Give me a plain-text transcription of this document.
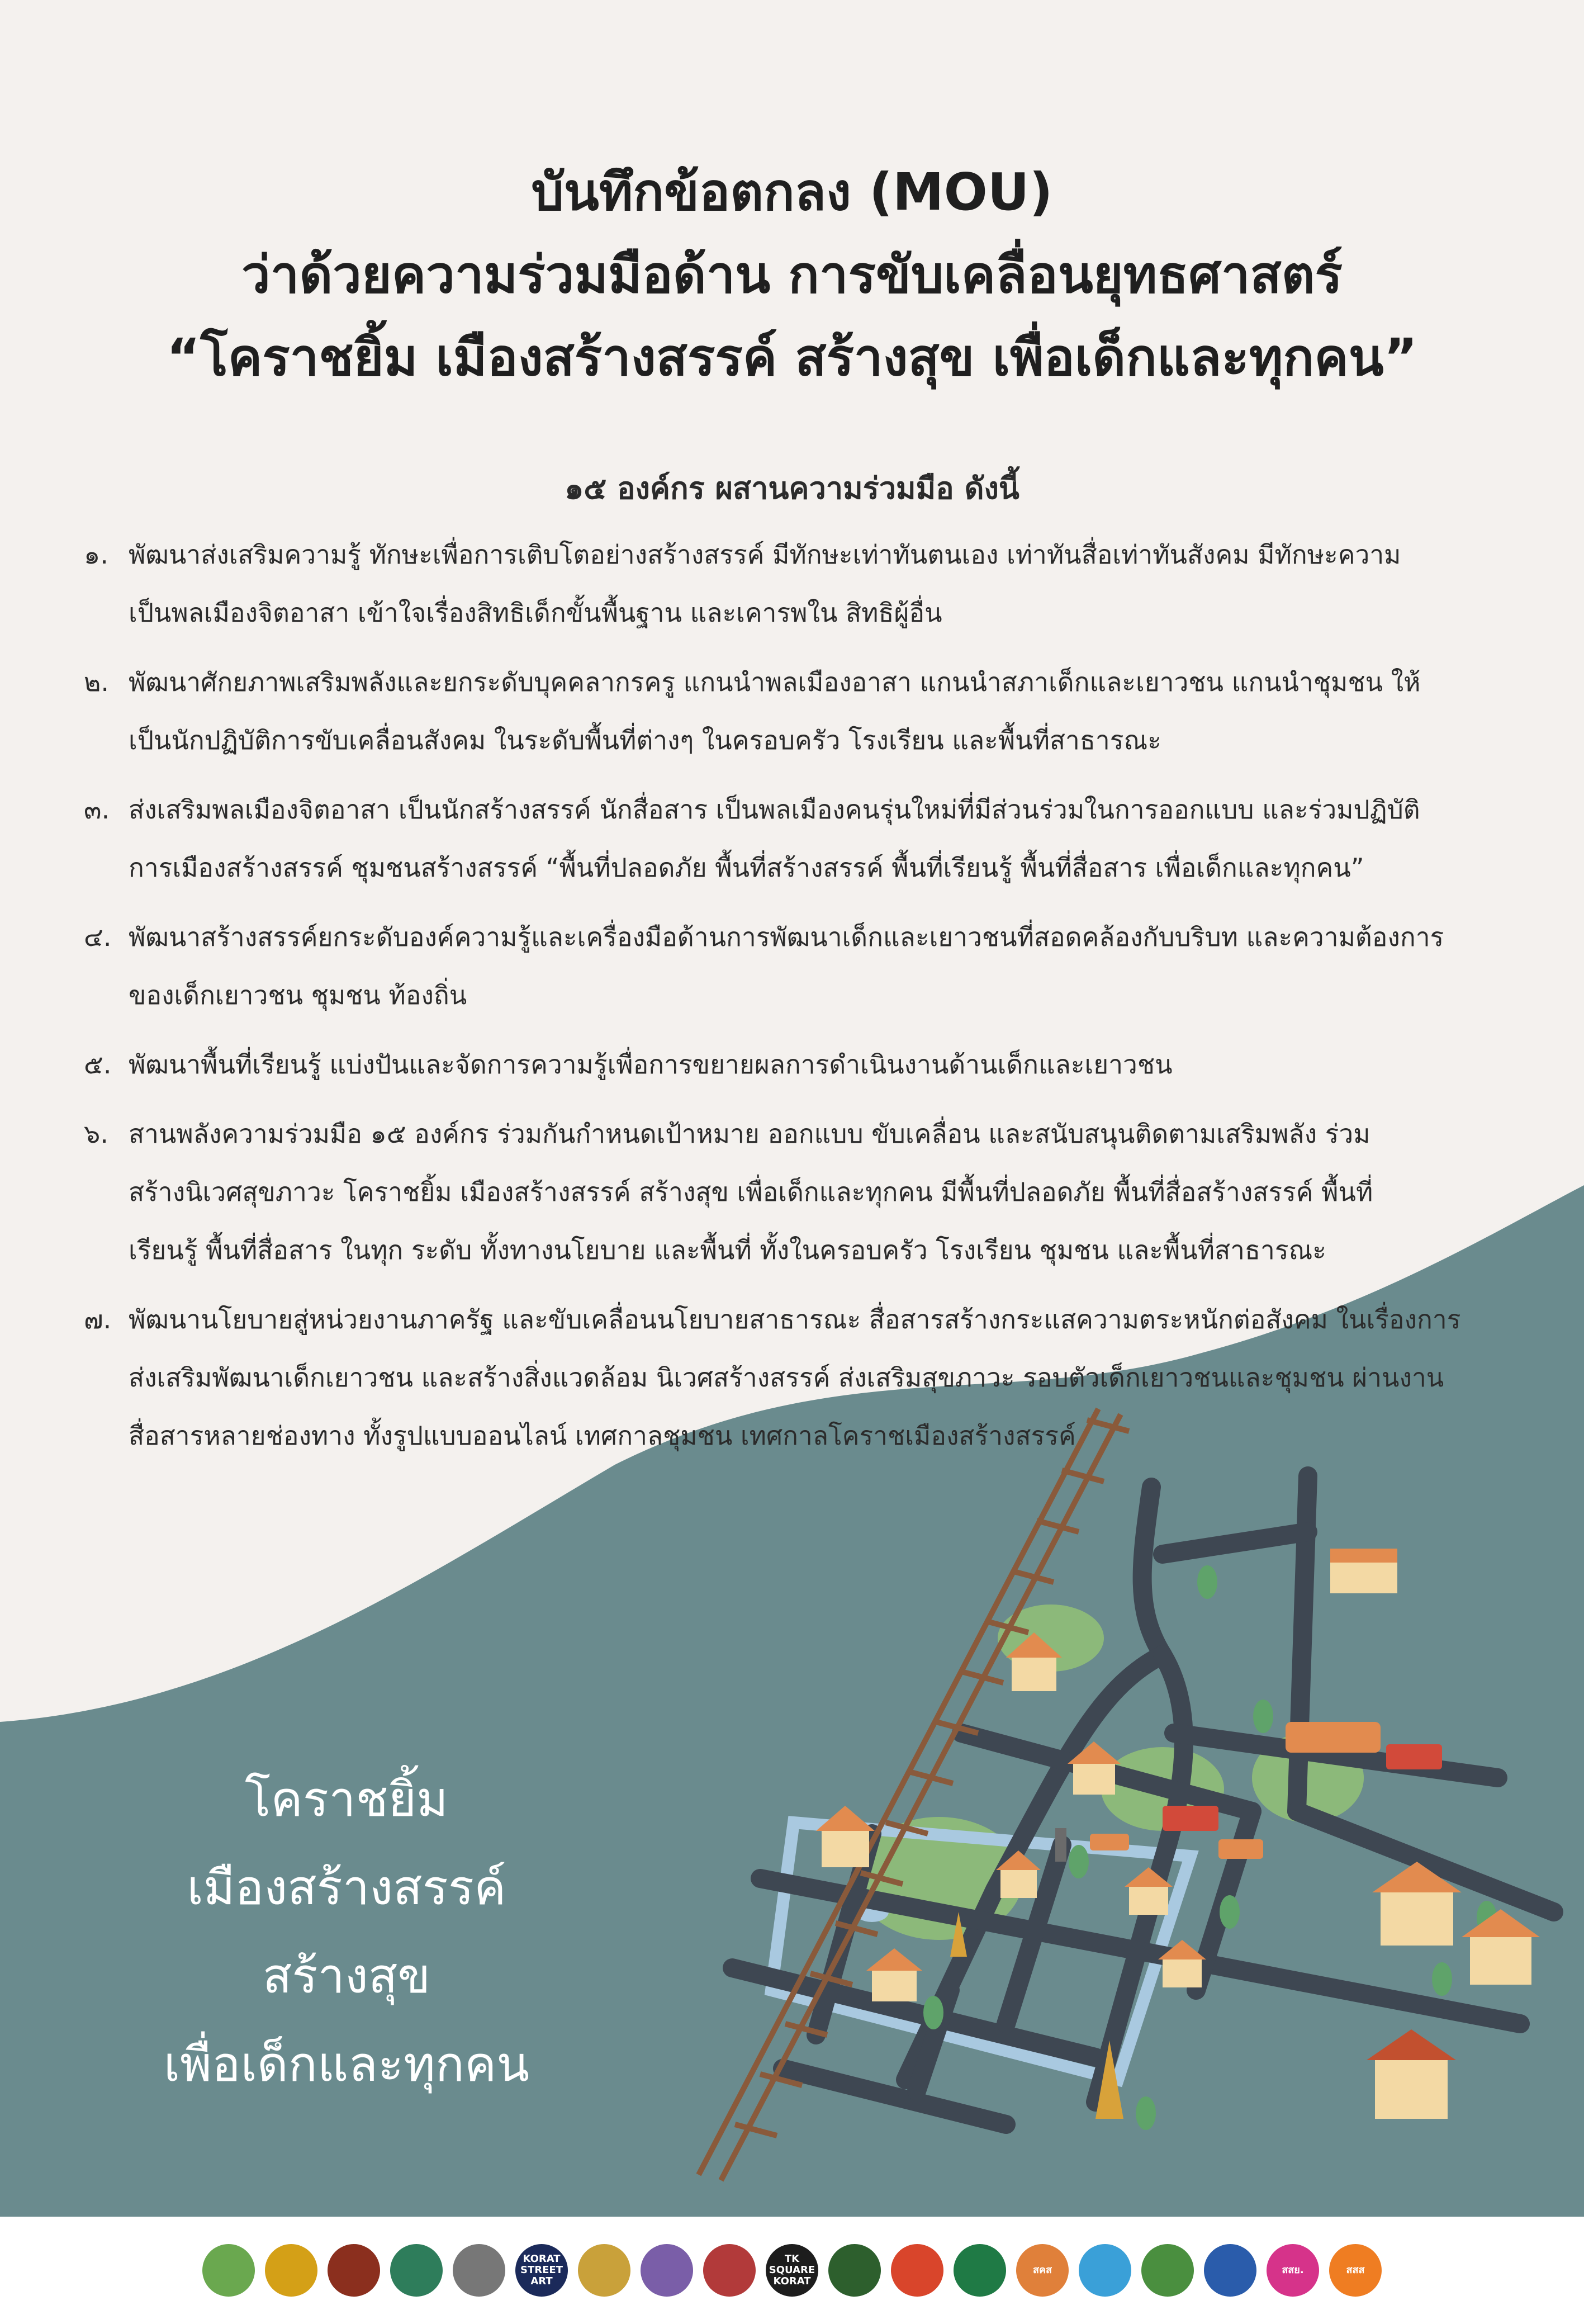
บันทึกข้อตกลง (MOU)
ว่าด้วยความร่วมมือด้าน การขับเคลื่อนยุทธศาสตร์
“โคราชยิ้ม เมืองสร้างสรรค์ สร้างสุข เพื่อเด็กและทุกคน”
๑๕ องค์กร ผสานความร่วมมือ ดังนี้
๑. พัฒนาส่งเสริมความรู้ ทักษะเพื่อการเติบโตอย่างสร้างสรรค์ มีทักษะเท่าทันตนเอง เท่าทันสื่อเท่าทันสังคม มีทักษะความ
เป็นพลเมืองจิตอาสา เข้าใจเรื่องสิทธิเด็กขั้นพื้นฐาน และเคารพใน สิทธิผู้อื่น
๒. พัฒนาศักยภาพเสริมพลังและยกระดับบุคคลากรครู แกนนำพลเมืองอาสา แกนนำสภาเด็กและเยาวชน แกนนำชุมชน ให้
เป็นนักปฏิบัติการขับเคลื่อนสังคม ในระดับพื้นที่ต่างๆ ในครอบครัว โรงเรียน และพื้นที่สาธารณะ
๓. ส่งเสริมพลเมืองจิตอาสา เป็นนักสร้างสรรค์ นักสื่อสาร เป็นพลเมืองคนรุ่นใหม่ที่มีส่วนร่วมในการออกแบบ และร่วมปฏิบัติ
การเมืองสร้างสรรค์ ชุมชนสร้างสรรค์ “พื้นที่ปลอดภัย พื้นที่สร้างสรรค์ พื้นที่เรียนรู้ พื้นที่สื่อสาร เพื่อเด็กและทุกคน”
๔. พัฒนาสร้างสรรค์ยกระดับองค์ความรู้และเครื่องมือด้านการพัฒนาเด็กและเยาวชนที่สอดคล้องกับบริบท และความต้องการ
ของเด็กเยาวชน ชุมชน ท้องถิ่น
๕. พัฒนาพื้นที่เรียนรู้ แบ่งปันและจัดการความรู้เพื่อการขยายผลการดำเนินงานด้านเด็กและเยาวชน
๖. สานพลังความร่วมมือ ๑๕ องค์กร ร่วมกันกำหนดเป้าหมาย ออกแบบ ขับเคลื่อน และสนับสนุนติดตามเสริมพลัง ร่วม
สร้างนิเวศสุขภาวะ โคราชยิ้ม เมืองสร้างสรรค์ สร้างสุข เพื่อเด็กและทุกคน มีพื้นที่ปลอดภัย พื้นที่สื่อสร้างสรรค์ พื้นที่
เรียนรู้ พื้นที่สื่อสาร ในทุก ระดับ ทั้งทางนโยบาย และพื้นที่ ทั้งในครอบครัว โรงเรียน ชุมชน และพื้นที่สาธารณะ
๗. พัฒนานโยบายสู่หน่วยงานภาครัฐ และขับเคลื่อนนโยบายสาธารณะ สื่อสารสร้างกระแสความตระหนักต่อสังคม ในเรื่องการ
ส่งเสริมพัฒนาเด็กเยาวชน และสร้างสิ่งแวดล้อม นิเวศสร้างสรรค์ ส่งเสริมสุขภาวะ รอบตัวเด็กเยาวชนและชุมชน ผ่านงาน
สื่อสารหลายช่องทาง ทั้งรูปแบบออนไลน์ เทศกาลชุมชน เทศกาลโคราชเมืองสร้างสรรค์
โคราชยิ้ม
เมืองสร้างสรรค์
สร้างสุข
เพื่อเด็กและทุกคน
KORAT STREET ART
TK SQUARE KORAT
สคส	สสย.	สสส
